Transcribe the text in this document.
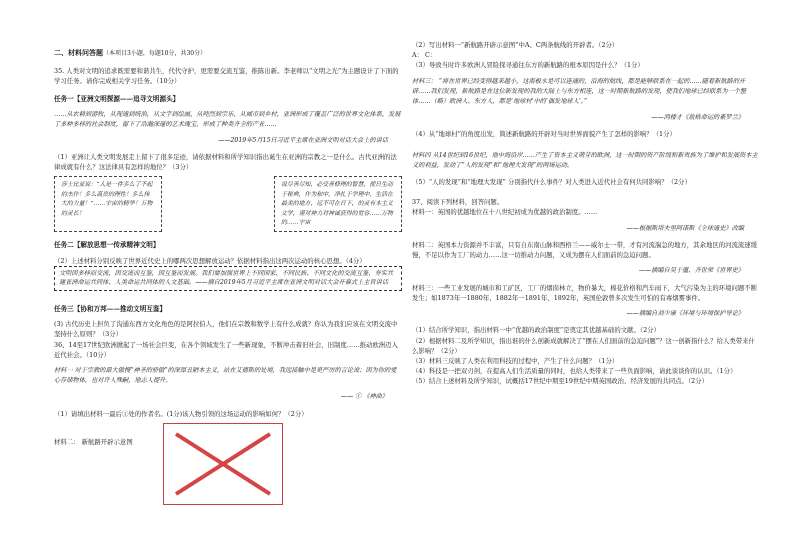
二、材料问答题（本项目3小题，每题10分，共30分）

35. 人类对文明的追求既需要和谐共生，代代守护，更需要交流互鉴，推陈出新。李老师以“文明之光”为主题设计了下面的学习任务。请你完成相关学习任务。（10分）

任务一【亚洲文明探源——追寻文明源头】

……从农耕到游牧，从现通到统治，从文字到绘画，从吨烈到宗乐，从城市到乡村，亚洲形成了覆盖广泛的世界文化体系，发展了多种多样的社会制度，留下了浩瀚深邃的艺术瑰宝，形成了种类齐全的产业……

——2019年5月15日习近平主席在亚洲文明对话大会上的讲话

（1）亚洲让人类文明发展走上留下了很多足迹，请依据材料和所学知识指出诞生在亚洲的宗教之一是什么。古代亚洲的法律成就有什么？这法律具有怎样的地位？（3分）

莎士比亚说：“人是一件多么了不起的杰作！多么高贵的理性！多么伟大的力量！”……宇宙的精华！万物的灵长！

说尽善尽知，必受善修理的智慧，使日生动于秘典，作为和中，净扎于学理中，生活在最美的地方，远不可在日下，的灵有本主义文学，谨对神力对神诚获得的宽容……万物的……宇宙

任务二【解放思想一传承精神文明】

（2）上述材料分别反映了世界近代史上的哪两次思想解放运动？依据材料指出这两次运动的核心思想。（4分）

文明因多样而交流，因交流而互鉴，因互鉴而发展。我们要加强世界上不同国家、不同民族、不同文化的交流互鉴，夯实共建亚洲命运共同体、人类命运共同体的人文基础。——摘自2019年5月习近平主席在亚洲文明对话大会开幕式上主旨讲话

任务三【协和万邦——推动文明互鉴】

(3) 古代历史上担负了沟通东西方文化角色的是阿拉伯人，他们在宗教和数学上有什么成就？你认为我们应该在文明交流中坚持什么原则？（3分）

36、14至17世纪欧洲掀起了一场社会巨变，在各个领域发生了一些新现象，不断冲击着旧社会、旧制度……推动欧洲迈入近代社会。（10分）

材料一 对于宗教的最大傲慢“神圣的骄傲”的深厚丑陋本主义，站在艾德斯的处境，我远接触中是更严厉的言论说；因为你的爱心存储物体，也对许人殊嗣，地志人提升。

—— ① 《神曲》

（1）请填出材料一最后①处的作者名。(1分)该人物引领的这场运动的影响如何？（2分）

材料二： 新航路开辟示意图

（2）写出材料一“新航路开辟示意图”中A、C两条航线的开辟者。（2分）

A： C：

（3）导致当时许多欧洲人冒险探寻通往东方的新航路的根本原因是什么？（1分）

材料三： “将在世界已经变得越来越小，这南极水是可以连通的，沿海的航线，都是能够联系在一起的……随着新航路的开辟……我们发现，新航路是在这位新发现的我的大陆上与东方相连，这一时期新航路的发现，使我们地球已经联系为一个整体……（略）欧洲人、东方人，都是‘地球村’中的‘偶发地球人’。”

——鸿楼才《敖格命运的紊罗兰》

（4）从“地球村”的角度出发，简述新航路的开辟对当时世界面貌产生了怎样的影响？（1分）

材料四 从14世纪到16世纪，地中海沿岸……产生了资本主义萌芽的欧洲，这一时期的资产阶级和新贵族为了维护和发展资本主义的利益，发动了“人的发现”和“地理大发现”的两场运动。

（5）“人的发现”和“地理大发现” 分别指代什么事件？对人类进入近代社会有何共同影响？（2分）

37、阅读下列材料，回答问题。

材料一：英国的优越地位在十八世纪初成为优越的政治制度。……

——根据斯塔夫里阿诺斯《全球通史》改编

材料二：英国本力资源并不丰富，只有自东南山脉和西格兰——威尔士一带，才有河流湍急的地方，其余地区的河流流速缓慢，不足以作为工厂的动力……这一切推动力问题，又成为摆在人们面前的急迫问题。

——摘编自吴于廑、齐世荣《世界史》

材料三：一些工业发展的城市和工矿区，工厂的烟囱林立，物价暴大，棉花价格和汽车雨下，大气污染为主的环境问题不断发生；如1873年一1880年、1882年一1891年、1892年，英国伦敦曾多次发生可怕的有毒烟雾事件。

——摘编自刘少康《环境与环境保护导论》

（1）结合所学知识，指出材料一中“优越的政治制度”是奠定其优越基础的文献。（2分）

（2）根据材料二及所学知识，指出谁的什么创新成就解决了“摆在人们面前的急迫问题”？这一创新指什么？给人类带来什么影响？（2分）

（3）材料三反映了人类在利用科技的过程中，产生了什么问题？（1分）

（4）科技是一把双刃剑，在提高人们生活质量的同时，也给人类带来了一些负面影响，请此谈谈你的认识。（1分）

（5）结合上述材料及所学知识，试概括17世纪中期至19世纪中期英国政治、经济发展的共同点。（2分）
